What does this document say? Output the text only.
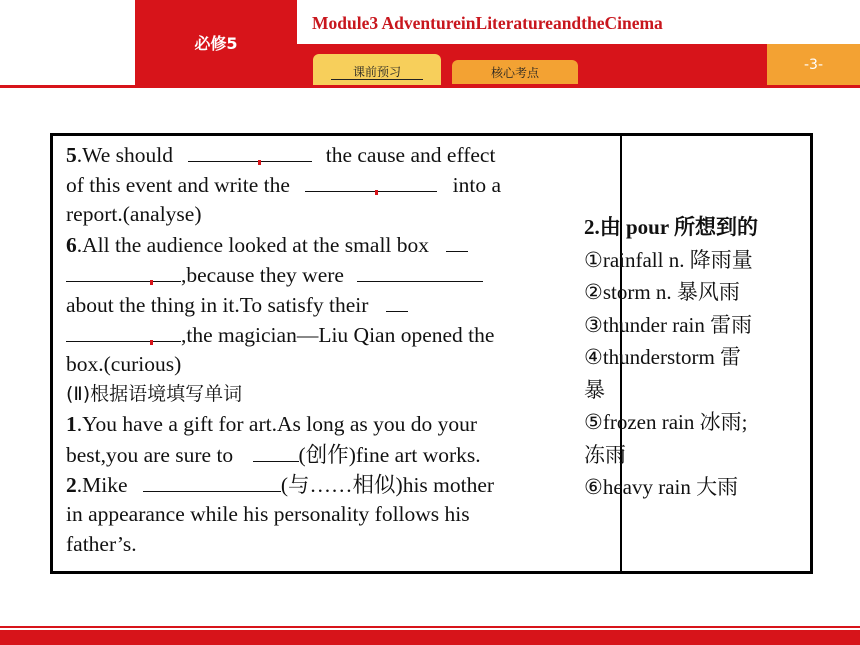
必修5
Module3 AdventureinLiteratureandtheCinema
课前预习	核心考点	-3-
5.We should	the cause and effect
of this event and write the	into a
report.(analyse)
6.All the audience looked at the small box
,because they were
about the thing in it.To satisfy their
,the magician—Liu Qian opened the
box.(curious)
(Ⅱ)根据语境填写单词
1.You have a gift for art.As long as you do your
best,you are sure to	(创作)fine art works.
2.Mike	(与……相似)his mother
in appearance while his personality follows his
father’s.
2.由 pour 所想到的
①rainfall n. 降雨量
②storm n. 暴风雨
③thunder rain 雷雨
④thunderstorm 雷
暴
⑤frozen rain 冰雨;
冻雨
⑥heavy rain 大雨
